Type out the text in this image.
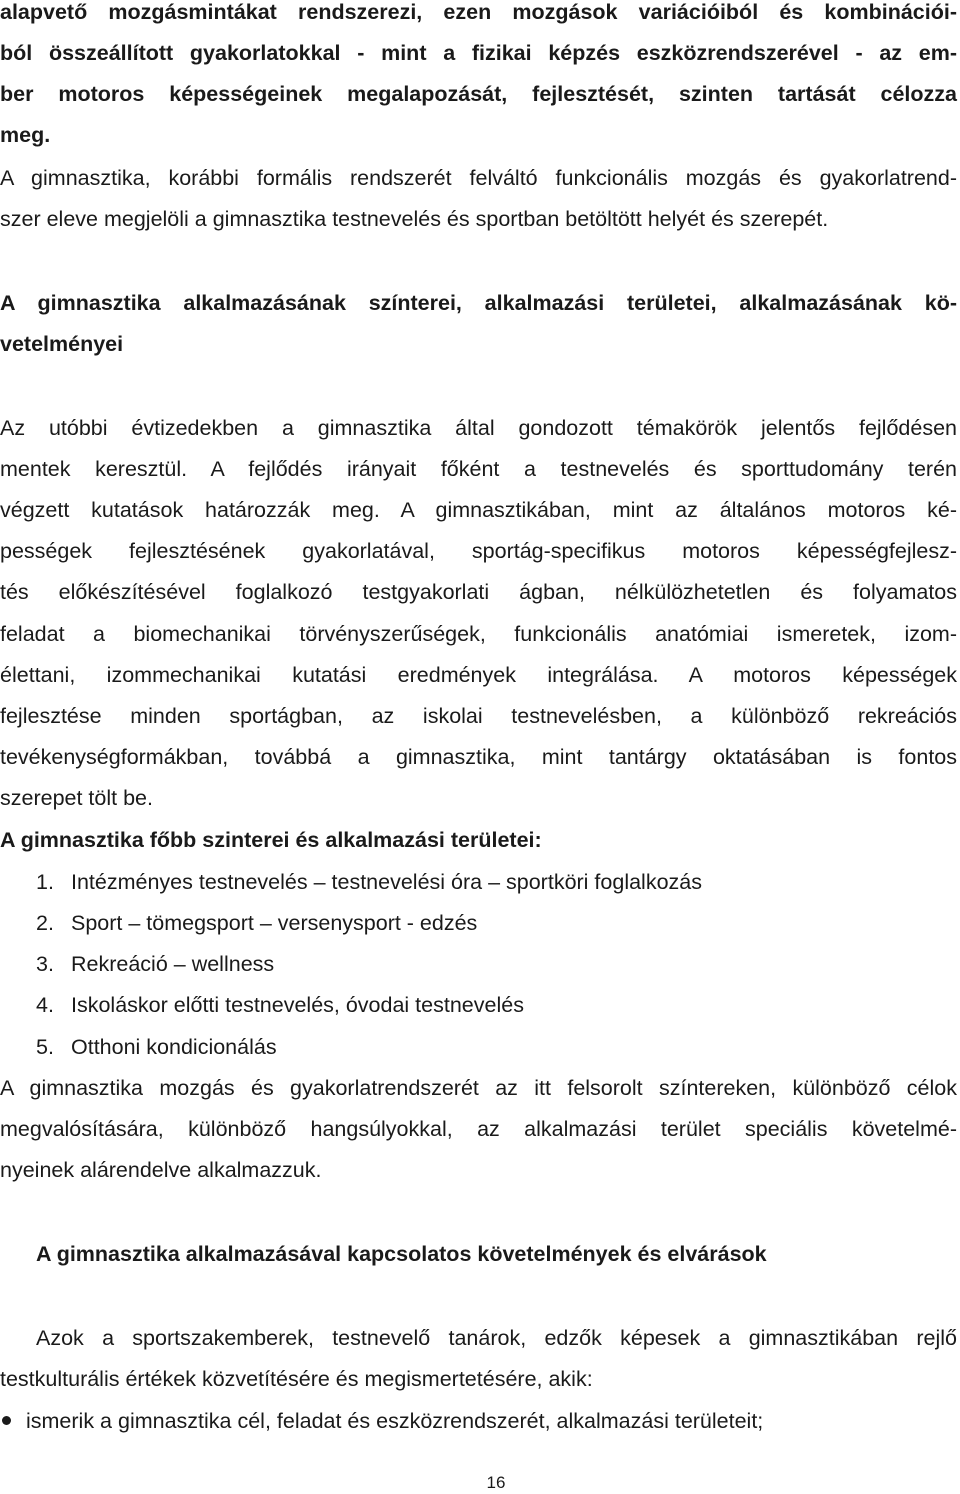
alapvető mozgásmintákat rendszerezi, ezen mozgások variációiból és kombinációi-
ból összeállított gyakorlatokkal - mint a fizikai képzés eszközrendszerével - az em-
ber motoros képességeinek megalapozását, fejlesztését, szinten tartását célozza
meg.
A gimnasztika, korábbi formális rendszerét felváltó funkcionális mozgás és gyakorlatrend-
szer eleve megjelöli a gimnasztika testnevelés és sportban betöltött helyét és szerepét.
A gimnasztika alkalmazásának színterei, alkalmazási területei, alkalmazásának kö-
vetelményei
Az utóbbi évtizedekben a gimnasztika által gondozott témakörök jelentős fejlődésen
mentek keresztül. A fejlődés irányait főként a testnevelés és sporttudomány terén
végzett kutatások határozzák meg. A gimnasztikában, mint az általános motoros ké-
pességek fejlesztésének gyakorlatával, sportág-specifikus motoros képességfejlesz-
tés előkészítésével foglalkozó testgyakorlati ágban, nélkülözhetetlen és folyamatos
feladat a biomechanikai törvényszerűségek, funkcionális anatómiai ismeretek, izom-
élettani, izommechanikai kutatási eredmények integrálása. A motoros képességek
fejlesztése minden sportágban, az iskolai testnevelésben, a különböző rekreációs
tevékenységformákban, továbbá a gimnasztika, mint tantárgy oktatásában is fontos
szerepet tölt be.
A gimnasztika főbb szinterei és alkalmazási területei:
1. Intézményes testnevelés – testnevelési óra – sportköri foglalkozás
2. Sport – tömegsport – versenysport - edzés
3. Rekreáció – wellness
4. Iskoláskor előtti testnevelés, óvodai testnevelés
5. Otthoni kondicionálás
A gimnasztika mozgás és gyakorlatrendszerét az itt felsorolt színtereken, különböző célok
megvalósítására, különböző hangsúlyokkal, az alkalmazási terület speciális követelmé-
nyeinek alárendelve alkalmazzuk.
A gimnasztika alkalmazásával kapcsolatos követelmények és elvárások
Azok a sportszakemberek, testnevelő tanárok, edzők képesek a gimnasztikában rejlő
testkulturális értékek közvetítésére és megismertetésére, akik:
ismerik a gimnasztika cél, feladat és eszközrendszerét, alkalmazási területeit;
16
